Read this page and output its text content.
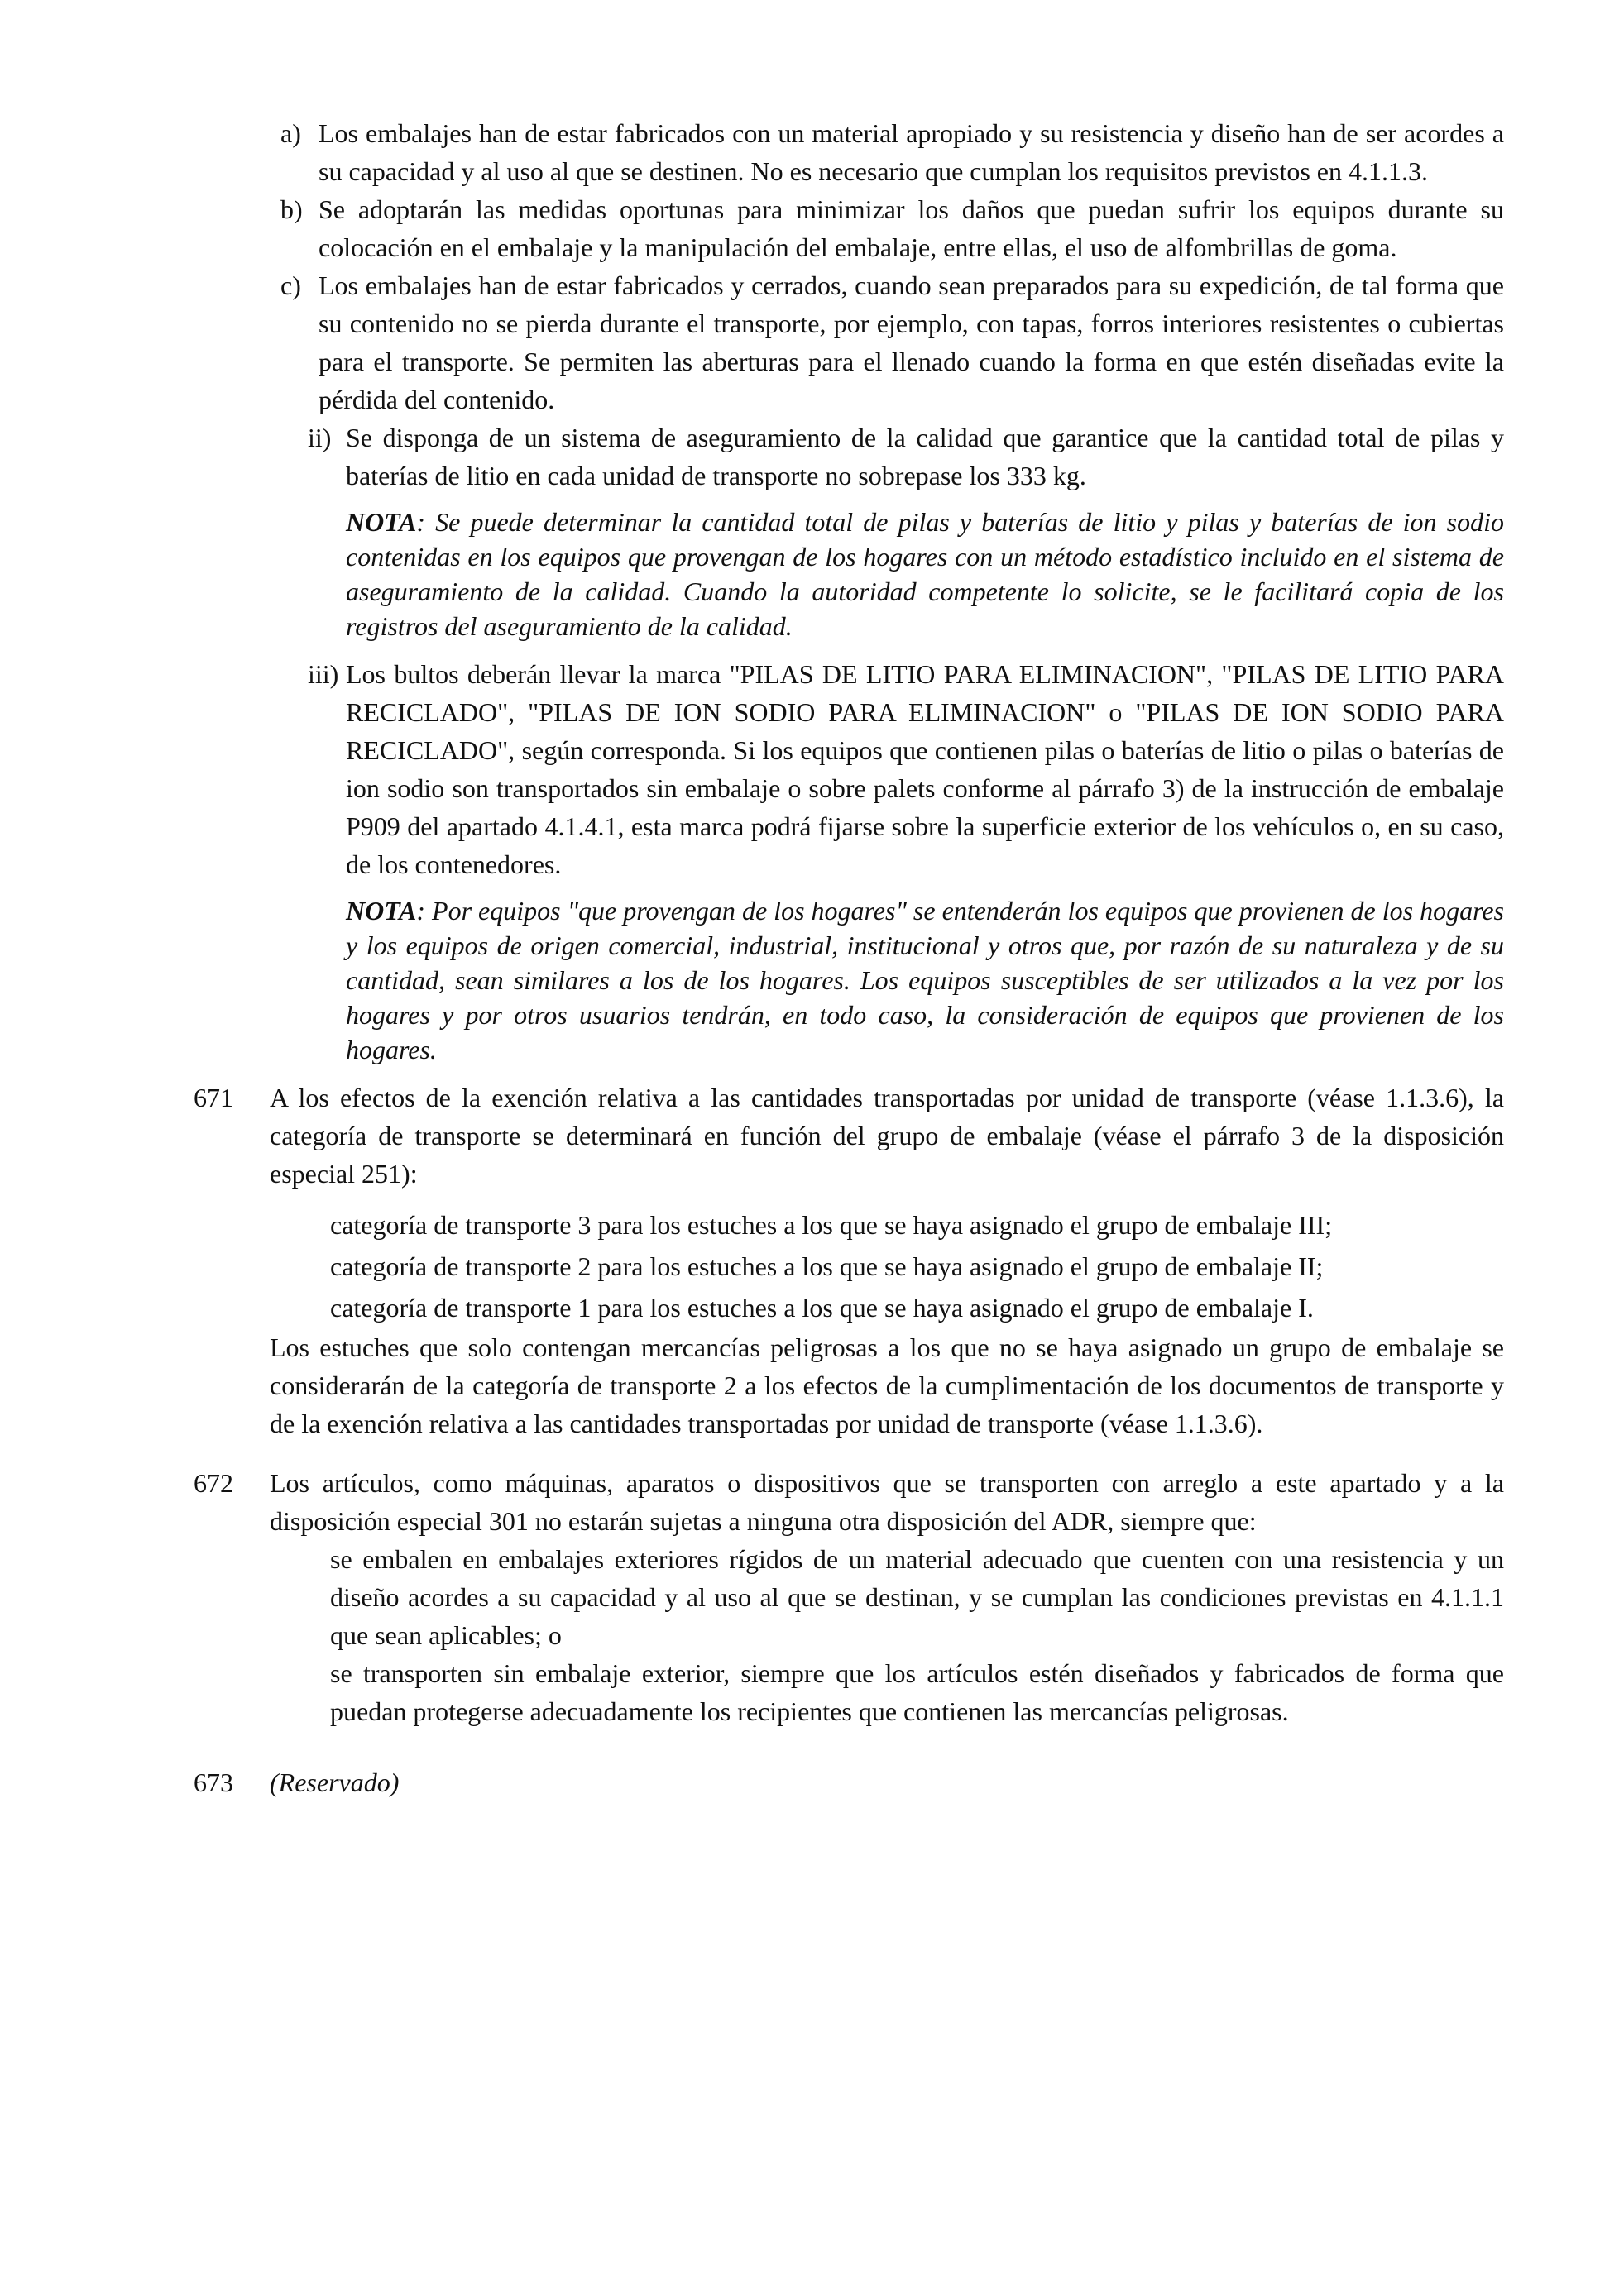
a) Los embalajes han de estar fabricados con un material apropiado y su resistencia y diseño han de ser acordes a su capacidad y al uso al que se destinen. No es necesario que cumplan los requisitos previstos en 4.1.1.3.
b) Se adoptarán las medidas oportunas para minimizar los daños que puedan sufrir los equipos durante su colocación en el embalaje y la manipulación del embalaje, entre ellas, el uso de alfombrillas de goma.
c) Los embalajes han de estar fabricados y cerrados, cuando sean preparados para su expedición, de tal forma que su contenido no se pierda durante el transporte, por ejemplo, con tapas, forros interiores resistentes o cubiertas para el transporte. Se permiten las aberturas para el llenado cuando la forma en que estén diseñadas evite la pérdida del contenido.
ii) Se disponga de un sistema de aseguramiento de la calidad que garantice que la cantidad total de pilas y baterías de litio en cada unidad de transporte no sobrepase los 333 kg.
NOTA: Se puede determinar la cantidad total de pilas y baterías de litio y pilas y baterías de ion sodio contenidas en los equipos que provengan de los hogares con un método estadístico incluido en el sistema de aseguramiento de la calidad. Cuando la autoridad competente lo solicite, se le facilitará copia de los registros del aseguramiento de la calidad.
iii) Los bultos deberán llevar la marca "PILAS DE LITIO PARA ELIMINACION", "PILAS DE LITIO PARA RECICLADO", "PILAS DE ION SODIO PARA ELIMINACION" o "PILAS DE ION SODIO PARA RECICLADO", según corresponda. Si los equipos que contienen pilas o baterías de litio o pilas o baterías de ion sodio son transportados sin embalaje o sobre palets conforme al párrafo 3) de la instrucción de embalaje P909 del apartado 4.1.4.1, esta marca podrá fijarse sobre la superficie exterior de los vehículos o, en su caso, de los contenedores.
NOTA: Por equipos "que provengan de los hogares" se entenderán los equipos que provienen de los hogares y los equipos de origen comercial, industrial, institucional y otros que, por razón de su naturaleza y de su cantidad, sean similares a los de los hogares. Los equipos susceptibles de ser utilizados a la vez por los hogares y por otros usuarios tendrán, en todo caso, la consideración de equipos que provienen de los hogares.
671 A los efectos de la exención relativa a las cantidades transportadas por unidad de transporte (véase 1.1.3.6), la categoría de transporte se determinará en función del grupo de embalaje (véase el párrafo 3 de la disposición especial 251):
categoría de transporte 3 para los estuches a los que se haya asignado el grupo de embalaje III;
categoría de transporte 2 para los estuches a los que se haya asignado el grupo de embalaje II;
categoría de transporte 1 para los estuches a los que se haya asignado el grupo de embalaje I.
Los estuches que solo contengan mercancías peligrosas a los que no se haya asignado un grupo de embalaje se considerarán de la categoría de transporte 2 a los efectos de la cumplimentación de los documentos de transporte y de la exención relativa a las cantidades transportadas por unidad de transporte (véase 1.1.3.6).
672 Los artículos, como máquinas, aparatos o dispositivos que se transporten con arreglo a este apartado y a la disposición especial 301 no estarán sujetas a ninguna otra disposición del ADR, siempre que:
se embalen en embalajes exteriores rígidos de un material adecuado que cuenten con una resistencia y un diseño acordes a su capacidad y al uso al que se destinan, y se cumplan las condiciones previstas en 4.1.1.1 que sean aplicables; o
se transporten sin embalaje exterior, siempre que los artículos estén diseñados y fabricados de forma que puedan protegerse adecuadamente los recipientes que contienen las mercancías peligrosas.
673 (Reservado)
